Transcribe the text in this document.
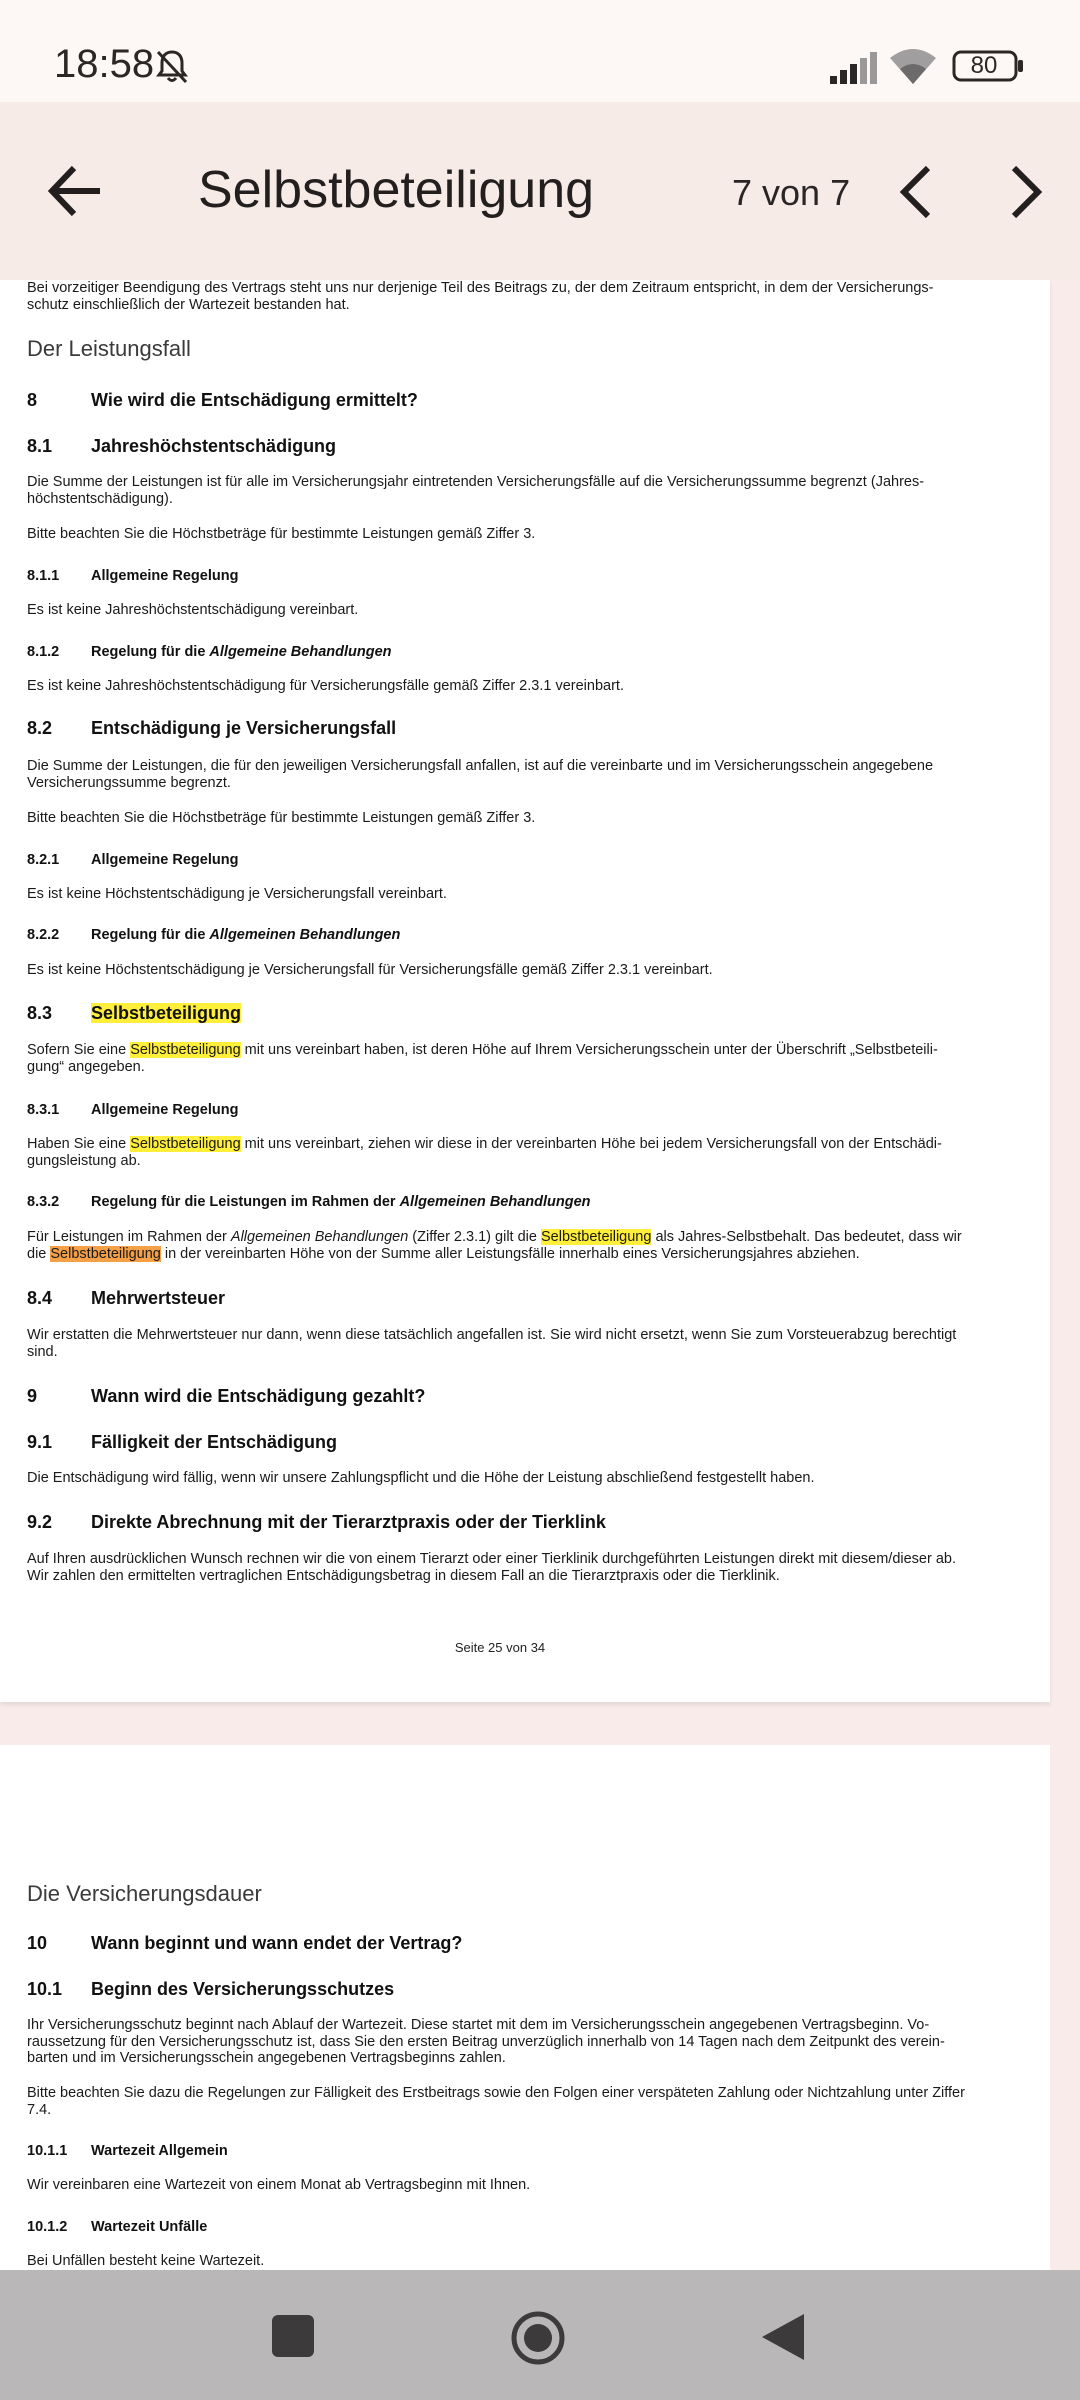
18:58	80
Selbstbeteiligung	7 von 7

Bei vorzeitiger Beendigung des Vertrags steht uns nur derjenige Teil des Beitrags zu, der dem Zeitraum entspricht, in dem der Versicherungsschutz einschließlich der Wartezeit bestanden hat.

Der Leistungsfall
8	Wie wird die Entschädigung ermittelt?
8.1 Jahreshöchstentschädigung

Die Summe der Leistungen ist für alle im Versicherungsjahr eintretenden Versicherungsfälle auf die Versicherungssumme begrenzt (Jahreshöchstentschädigung).

Bitte beachten Sie die Höchstbeträge für bestimmte Leistungen gemäß Ziffer 3.

8.1.1 Allgemeine Regelung

Es ist keine Jahreshöchstentschädigung vereinbart.

8.1.2 Regelung für die Allgemeine Behandlungen

Es ist keine Jahreshöchstentschädigung für Versicherungsfälle gemäß Ziffer 2.3.1 vereinbart.

8.2 Entschädigung je Versicherungsfall

Die Summe der Leistungen, die für den jeweiligen Versicherungsfall anfallen, ist auf die vereinbarte und im Versicherungsschein angegebene Versicherungssumme begrenzt.

Bitte beachten Sie die Höchstbeträge für bestimmte Leistungen gemäß Ziffer 3.

8.2.1 Allgemeine Regelung

Es ist keine Höchstentschädigung je Versicherungsfall vereinbart.

8.2.2 Regelung für die Allgemeinen Behandlungen

Es ist keine Höchstentschädigung je Versicherungsfall für Versicherungsfälle gemäß Ziffer 2.3.1 vereinbart.

8.3 Selbstbeteiligung

Sofern Sie eine Selbstbeteiligung mit uns vereinbart haben, ist deren Höhe auf Ihrem Versicherungsschein unter der Überschrift „Selbstbeteiligung“ angegeben.

8.3.1 Allgemeine Regelung

Haben Sie eine Selbstbeteiligung mit uns vereinbart, ziehen wir diese in der vereinbarten Höhe bei jedem Versicherungsfall von der Entschädigungsleistung ab.

8.3.2 Regelung für die Leistungen im Rahmen der Allgemeinen Behandlungen

Für Leistungen im Rahmen der Allgemeinen Behandlungen (Ziffer 2.3.1) gilt die Selbstbeteiligung als Jahres-Selbstbehalt. Das bedeutet, dass wir die Selbstbeteiligung in der vereinbarten Höhe von der Summe aller Leistungsfälle innerhalb eines Versicherungsjahres abziehen.

8.4 Mehrwertsteuer

Wir erstatten die Mehrwertsteuer nur dann, wenn diese tatsächlich angefallen ist. Sie wird nicht ersetzt, wenn Sie zum Vorsteuerabzug berechtigt sind.

9	Wann wird die Entschädigung gezahlt?
9.1 Fälligkeit der Entschädigung

Die Entschädigung wird fällig, wenn wir unsere Zahlungspflicht und die Höhe der Leistung abschließend festgestellt haben.

9.2 Direkte Abrechnung mit der Tierarztpraxis oder der Tierklink

Auf Ihren ausdrücklichen Wunsch rechnen wir die von einem Tierarzt oder einer Tierklinik durchgeführten Leistungen direkt mit diesem/dieser ab. Wir zahlen den ermittelten vertraglichen Entschädigungsbetrag in diesem Fall an die Tierarztpraxis oder die Tierklinik.

Seite 25 von 34
Die Versicherungsdauer
10 Wann beginnt und wann endet der Vertrag?
10.1 Beginn des Versicherungsschutzes

Ihr Versicherungsschutz beginnt nach Ablauf der Wartezeit. Diese startet mit dem im Versicherungsschein angegebenen Vertragsbeginn. Voraussetzung für den Versicherungsschutz ist, dass Sie den ersten Beitrag unverzüglich innerhalb von 14 Tagen nach dem Zeitpunkt des vereinbarten und im Versicherungsschein angegebenen Vertragsbeginns zahlen.

Bitte beachten Sie dazu die Regelungen zur Fälligkeit des Erstbeitrags sowie den Folgen einer verspäteten Zahlung oder Nichtzahlung unter Ziffer 7.4.

10.1.1 Wartezeit Allgemein

Wir vereinbaren eine Wartezeit von einem Monat ab Vertragsbeginn mit Ihnen.

10.1.2 Wartezeit Unfälle

Bei Unfällen besteht keine Wartezeit.
